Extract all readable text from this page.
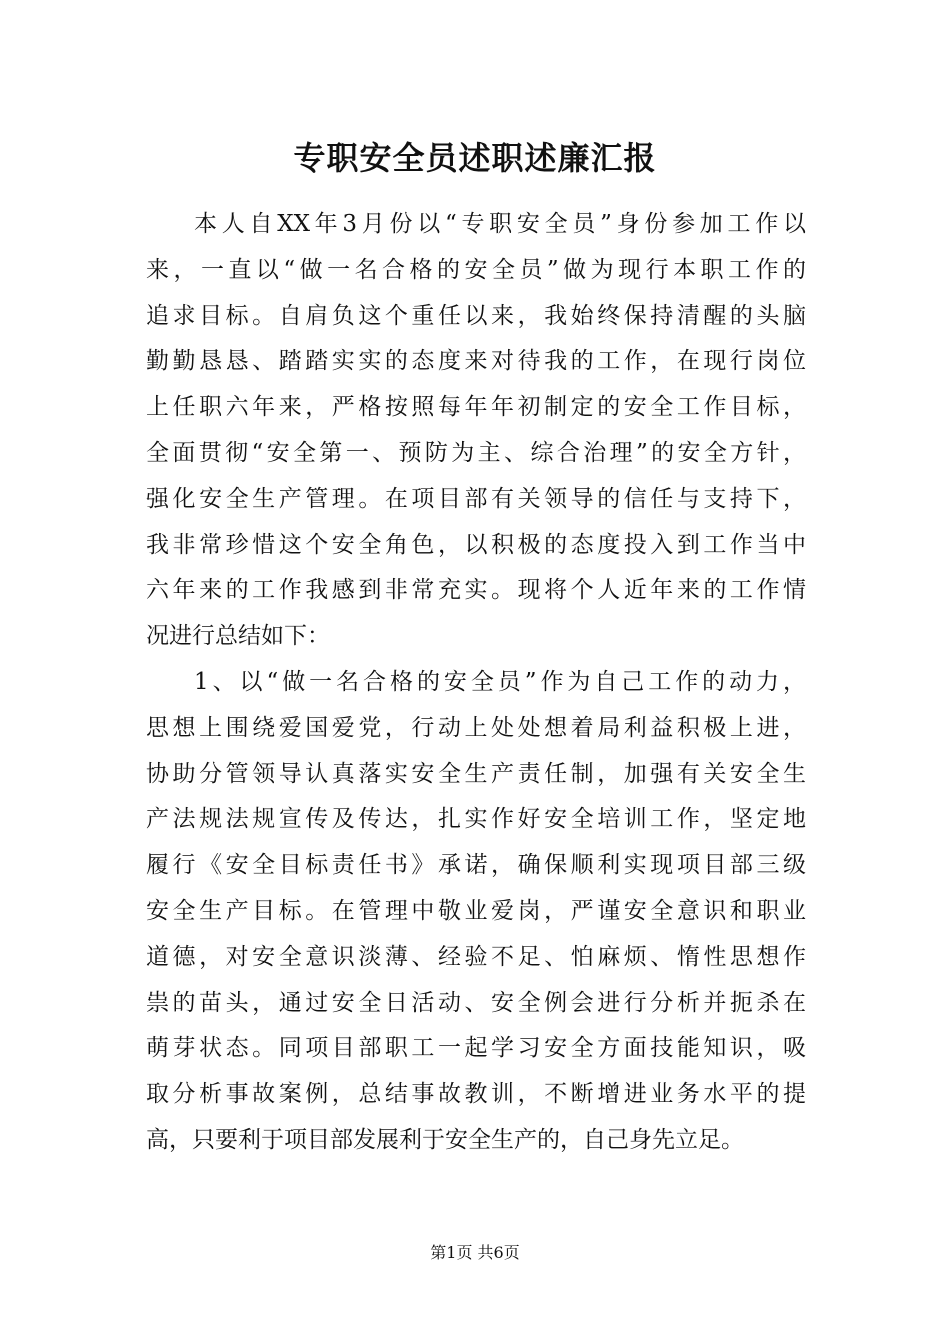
专职安全员述职述廉汇报
本人自XX年3月份以“专职安全员”身份参加工作以
来，一直以“做一名合格的安全员”做为现行本职工作的
追求目标。自肩负这个重任以来，我始终保持清醒的头脑
勤勤恳恳、踏踏实实的态度来对待我的工作，在现行岗位
上任职六年来，严格按照每年年初制定的安全工作目标，
全面贯彻“安全第一、预防为主、综合治理”的安全方针，
强化安全生产管理。在项目部有关领导的信任与支持下，
我非常珍惜这个安全角色，以积极的态度投入到工作当中
六年来的工作我感到非常充实。现将个人近年来的工作情
况进行总结如下：
1、以“做一名合格的安全员”作为自己工作的动力，
思想上围绕爱国爱党，行动上处处想着局利益积极上进，
协助分管领导认真落实安全生产责任制，加强有关安全生
产法规法规宣传及传达，扎实作好安全培训工作，坚定地
履行《安全目标责任书》承诺，确保顺利实现项目部三级
安全生产目标。在管理中敬业爱岗，严谨安全意识和职业
道德，对安全意识淡薄、经验不足、怕麻烦、惰性思想作
祟的苗头，通过安全日活动、安全例会进行分析并扼杀在
萌芽状态。同项目部职工一起学习安全方面技能知识，吸
取分析事故案例，总结事故教训，不断增进业务水平的提
高，只要利于项目部发展利于安全生产的，自己身先立足。
第1页 共6页
